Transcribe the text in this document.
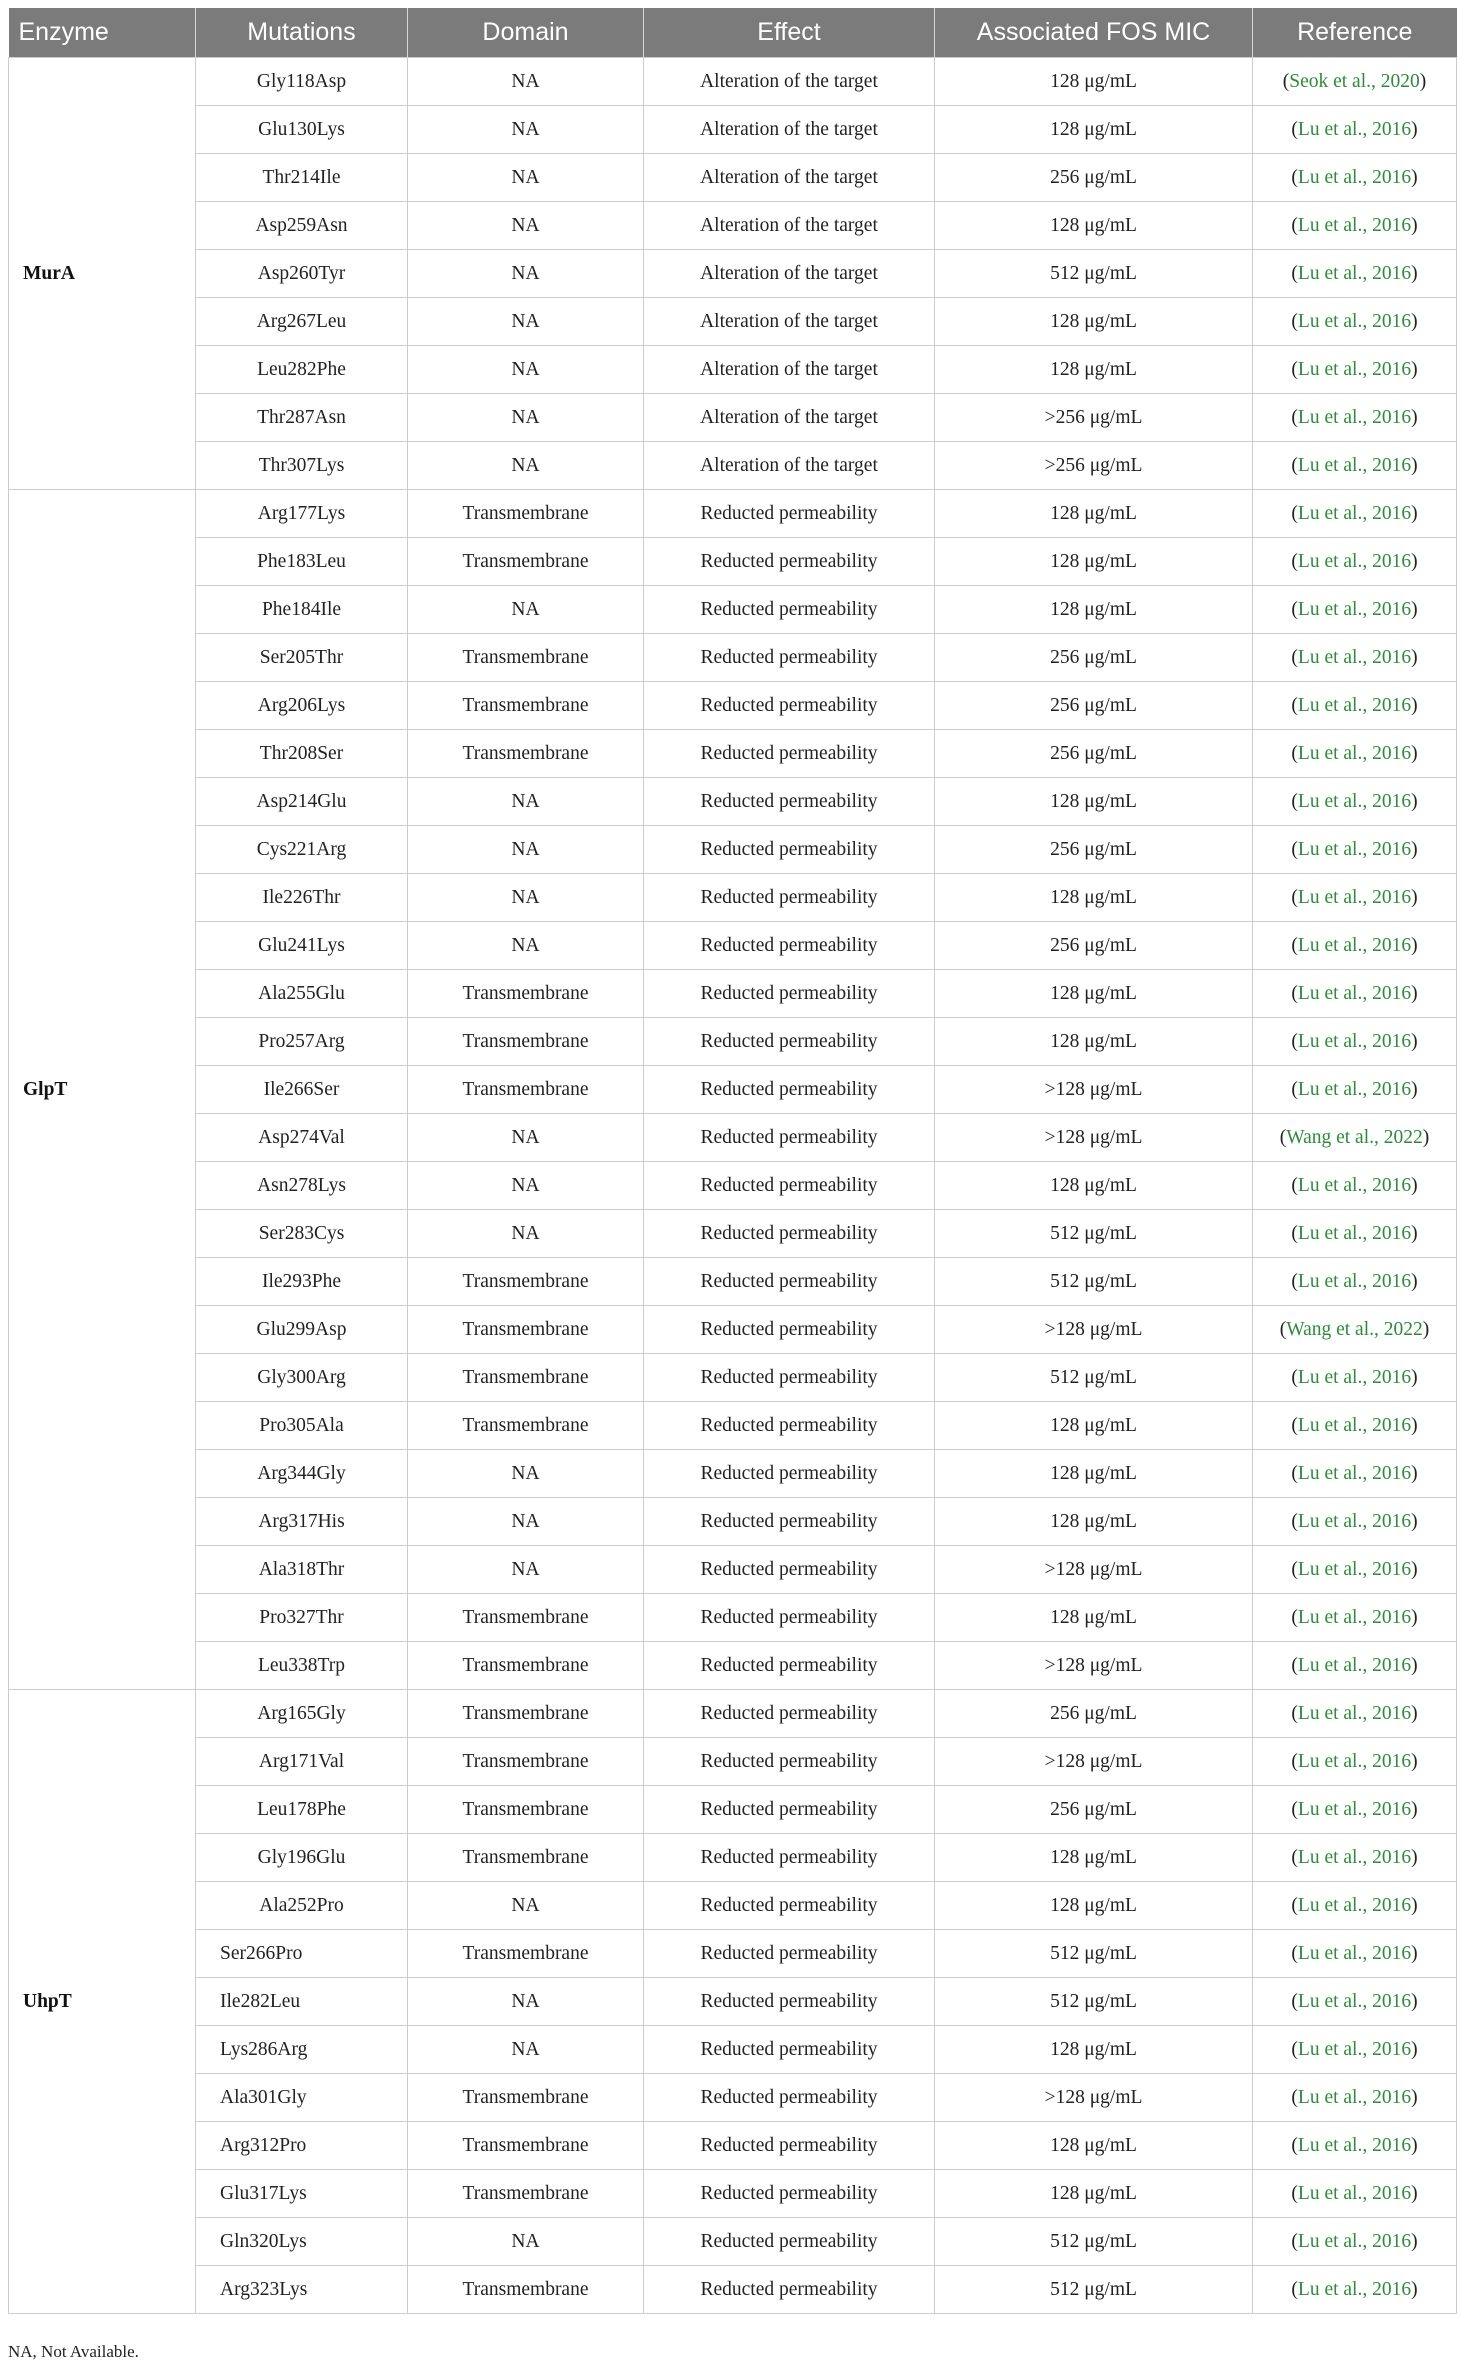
Enzyme	Mutations	Domain	Effect	Associated FOS MIC	Reference
MurA	Gly118Asp	NA	Alteration of the target	128 μg/mL	(Seok et al., 2020)
	Glu130Lys	NA	Alteration of the target	128 μg/mL	(Lu et al., 2016)
	Thr214Ile	NA	Alteration of the target	256 μg/mL	(Lu et al., 2016)
	Asp259Asn	NA	Alteration of the target	128 μg/mL	(Lu et al., 2016)
	Asp260Tyr	NA	Alteration of the target	512 μg/mL	(Lu et al., 2016)
	Arg267Leu	NA	Alteration of the target	128 μg/mL	(Lu et al., 2016)
	Leu282Phe	NA	Alteration of the target	128 μg/mL	(Lu et al., 2016)
	Thr287Asn	NA	Alteration of the target	>256 μg/mL	(Lu et al., 2016)
	Thr307Lys	NA	Alteration of the target	>256 μg/mL	(Lu et al., 2016)
GlpT	Arg177Lys	Transmembrane	Reducted permeability	128 μg/mL	(Lu et al., 2016)
	Phe183Leu	Transmembrane	Reducted permeability	128 μg/mL	(Lu et al., 2016)
	Phe184Ile	NA	Reducted permeability	128 μg/mL	(Lu et al., 2016)
	Ser205Thr	Transmembrane	Reducted permeability	256 μg/mL	(Lu et al., 2016)
	Arg206Lys	Transmembrane	Reducted permeability	256 μg/mL	(Lu et al., 2016)
	Thr208Ser	Transmembrane	Reducted permeability	256 μg/mL	(Lu et al., 2016)
	Asp214Glu	NA	Reducted permeability	128 μg/mL	(Lu et al., 2016)
	Cys221Arg	NA	Reducted permeability	256 μg/mL	(Lu et al., 2016)
	Ile226Thr	NA	Reducted permeability	128 μg/mL	(Lu et al., 2016)
	Glu241Lys	NA	Reducted permeability	256 μg/mL	(Lu et al., 2016)
	Ala255Glu	Transmembrane	Reducted permeability	128 μg/mL	(Lu et al., 2016)
	Pro257Arg	Transmembrane	Reducted permeability	128 μg/mL	(Lu et al., 2016)
	Ile266Ser	Transmembrane	Reducted permeability	>128 μg/mL	(Lu et al., 2016)
	Asp274Val	NA	Reducted permeability	>128 μg/mL	(Wang et al., 2022)
	Asn278Lys	NA	Reducted permeability	128 μg/mL	(Lu et al., 2016)
	Ser283Cys	NA	Reducted permeability	512 μg/mL	(Lu et al., 2016)
	Ile293Phe	Transmembrane	Reducted permeability	512 μg/mL	(Lu et al., 2016)
	Glu299Asp	Transmembrane	Reducted permeability	>128 μg/mL	(Wang et al., 2022)
	Gly300Arg	Transmembrane	Reducted permeability	512 μg/mL	(Lu et al., 2016)
	Pro305Ala	Transmembrane	Reducted permeability	128 μg/mL	(Lu et al., 2016)
	Arg344Gly	NA	Reducted permeability	128 μg/mL	(Lu et al., 2016)
	Arg317His	NA	Reducted permeability	128 μg/mL	(Lu et al., 2016)
	Ala318Thr	NA	Reducted permeability	>128 μg/mL	(Lu et al., 2016)
	Pro327Thr	Transmembrane	Reducted permeability	128 μg/mL	(Lu et al., 2016)
	Leu338Trp	Transmembrane	Reducted permeability	>128 μg/mL	(Lu et al., 2016)
UhpT	Arg165Gly	Transmembrane	Reducted permeability	256 μg/mL	(Lu et al., 2016)
	Arg171Val	Transmembrane	Reducted permeability	>128 μg/mL	(Lu et al., 2016)
	Leu178Phe	Transmembrane	Reducted permeability	256 μg/mL	(Lu et al., 2016)
	Gly196Glu	Transmembrane	Reducted permeability	128 μg/mL	(Lu et al., 2016)
	Ala252Pro	NA	Reducted permeability	128 μg/mL	(Lu et al., 2016)
	Ser266Pro	Transmembrane	Reducted permeability	512 μg/mL	(Lu et al., 2016)
	Ile282Leu	NA	Reducted permeability	512 μg/mL	(Lu et al., 2016)
	Lys286Arg	NA	Reducted permeability	128 μg/mL	(Lu et al., 2016)
	Ala301Gly	Transmembrane	Reducted permeability	>128 μg/mL	(Lu et al., 2016)
	Arg312Pro	Transmembrane	Reducted permeability	128 μg/mL	(Lu et al., 2016)
	Glu317Lys	Transmembrane	Reducted permeability	128 μg/mL	(Lu et al., 2016)
	Gln320Lys	NA	Reducted permeability	512 μg/mL	(Lu et al., 2016)
	Arg323Lys	Transmembrane	Reducted permeability	512 μg/mL	(Lu et al., 2016)
NA, Not Available.
